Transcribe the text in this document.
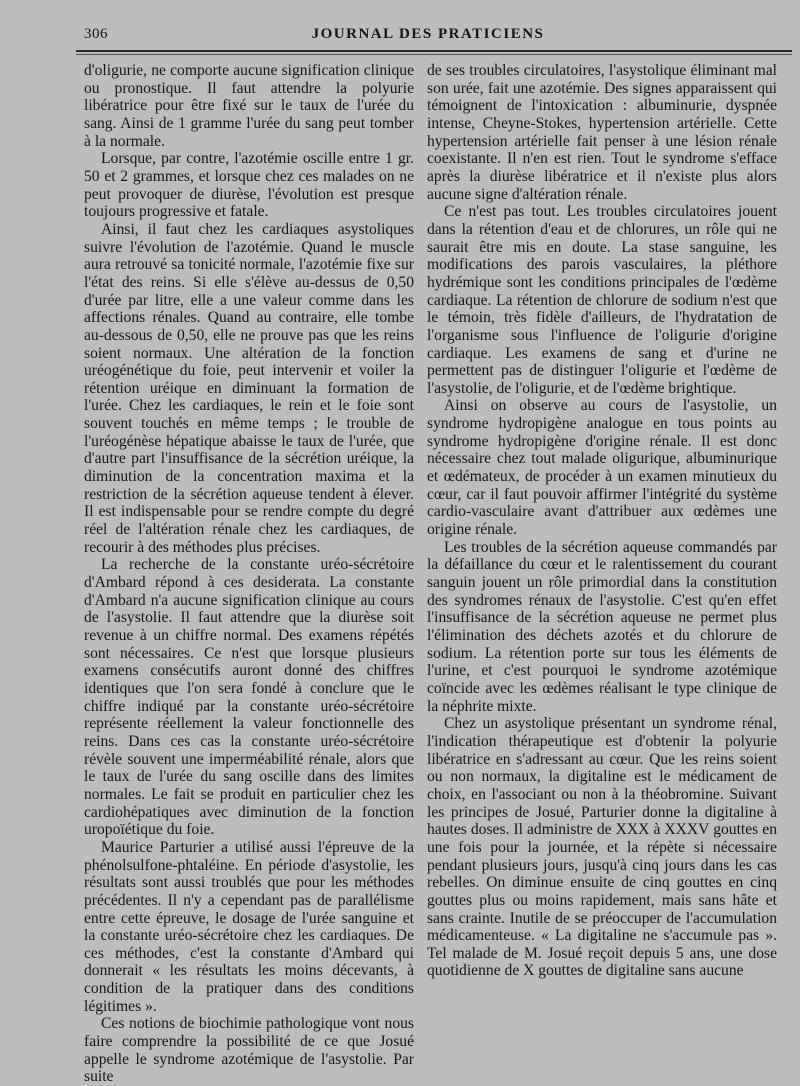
306	JOURNAL DES PRATICIENS

d'oligurie, ne comporte aucune signification clinique ou pronostique. Il faut attendre la polyurie libératrice pour être fixé sur le taux de l'urée du sang. Ainsi de 1 gramme l'urée du sang peut tomber à la normale.

Lorsque, par contre, l'azotémie oscille entre 1 gr. 50 et 2 grammes, et lorsque chez ces malades on ne peut provoquer de diurèse, l'évolution est presque toujours progressive et fatale.

Ainsi, il faut chez les cardiaques asystoliques suivre l'évolution de l'azotémie. Quand le muscle aura retrouvé sa tonicité normale, l'azotémie fixe sur l'état des reins. Si elle s'élève au-dessus de 0,50 d'urée par litre, elle a une valeur comme dans les affections rénales. Quand au contraire, elle tombe au-dessous de 0,50, elle ne prouve pas que les reins soient normaux. Une altération de la fonction uréogénétique du foie, peut intervenir et voiler la rétention uréique en diminuant la formation de l'urée. Chez les cardiaques, le rein et le foie sont souvent touchés en même temps ; le trouble de l'uréogénèse hépatique abaisse le taux de l'urée, que d'autre part l'insuffisance de la sécrétion uréique, la diminution de la concentration maxima et la restriction de la sécrétion aqueuse tendent à élever. Il est indispensable pour se rendre compte du degré réel de l'altération rénale chez les cardiaques, de recourir à des méthodes plus précises.

La recherche de la constante uréo-sécrétoire d'Ambard répond à ces desiderata. La constante d'Ambard n'a aucune signification clinique au cours de l'asystolie. Il faut attendre que la diurèse soit revenue à un chiffre normal. Des examens répétés sont nécessaires. Ce n'est que lorsque plusieurs examens consécutifs auront donné des chiffres identiques que l'on sera fondé à conclure que le chiffre indiqué par la constante uréo-sécrétoire représente réellement la valeur fonctionnelle des reins. Dans ces cas la constante uréo-sécrétoire révèle souvent une imperméabilité rénale, alors que le taux de l'urée du sang oscille dans des limites normales. Le fait se produit en particulier chez les cardiohépatiques avec diminution de la fonction uropoïétique du foie.

Maurice Parturier a utilisé aussi l'épreuve de la phénolsulfone-phtaléine. En période d'asystolie, les résultats sont aussi troublés que pour les méthodes précédentes. Il n'y a cependant pas de parallélisme entre cette épreuve, le dosage de l'urée sanguine et la constante uréo-sécrétoire chez les cardiaques. De ces méthodes, c'est la constante d'Ambard qui donnerait « les résultats les moins décevants, à condition de la pratiquer dans des conditions légitimes ».

Ces notions de biochimie pathologique vont nous faire comprendre la possibilité de ce que Josué appelle le syndrome azotémique de l'asystolie. Par suite

de ses troubles circulatoires, l'asystolique éliminant mal son urée, fait une azotémie. Des signes apparaissent qui témoignent de l'intoxication : albuminurie, dyspnée intense, Cheyne-Stokes, hypertension artérielle. Cette hypertension artérielle fait penser à une lésion rénale coexistante. Il n'en est rien. Tout le syndrome s'efface après la diurèse libératrice et il n'existe plus alors aucune signe d'altération rénale.

Ce n'est pas tout. Les troubles circulatoires jouent dans la rétention d'eau et de chlorures, un rôle qui ne saurait être mis en doute. La stase sanguine, les modifications des parois vasculaires, la pléthore hydrémique sont les conditions principales de l'œdème cardiaque. La rétention de chlorure de sodium n'est que le témoin, très fidèle d'ailleurs, de l'hydratation de l'organisme sous l'influence de l'oligurie d'origine cardiaque. Les examens de sang et d'urine ne permettent pas de distinguer l'oligurie et l'œdème de l'asystolie, de l'oligurie, et de l'œdème brightique.

Ainsi on observe au cours de l'asystolie, un syndrome hydropigène analogue en tous points au syndrome hydropigène d'origine rénale. Il est donc nécessaire chez tout malade oligurique, albuminurique et œdémateux, de procéder à un examen minutieux du cœur, car il faut pouvoir affirmer l'intégrité du système cardio-vasculaire avant d'attribuer aux œdèmes une origine rénale.

Les troubles de la sécrétion aqueuse commandés par la défaillance du cœur et le ralentissement du courant sanguin jouent un rôle primordial dans la constitution des syndromes rénaux de l'asystolie. C'est qu'en effet l'insuffisance de la sécrétion aqueuse ne permet plus l'élimination des déchets azotés et du chlorure de sodium. La rétention porte sur tous les éléments de l'urine, et c'est pourquoi le syndrome azotémique coïncide avec les œdèmes réalisant le type clinique de la néphrite mixte.

Chez un asystolique présentant un syndrome rénal, l'indication thérapeutique est d'obtenir la polyurie libératrice en s'adressant au cœur. Que les reins soient ou non normaux, la digitaline est le médicament de choix, en l'associant ou non à la théobromine. Suivant les principes de Josué, Parturier donne la digitaline à hautes doses. Il administre de XXX à XXXV gouttes en une fois pour la journée, et la répète si nécessaire pendant plusieurs jours, jusqu'à cinq jours dans les cas rebelles. On diminue ensuite de cinq gouttes en cinq gouttes plus ou moins rapidement, mais sans hâte et sans crainte. Inutile de se préoccuper de l'accumulation médicamenteuse. « La digitaline ne s'accumule pas ». Tel malade de M. Josué reçoit depuis 5 ans, une dose quotidienne de X gouttes de digitaline sans aucune
